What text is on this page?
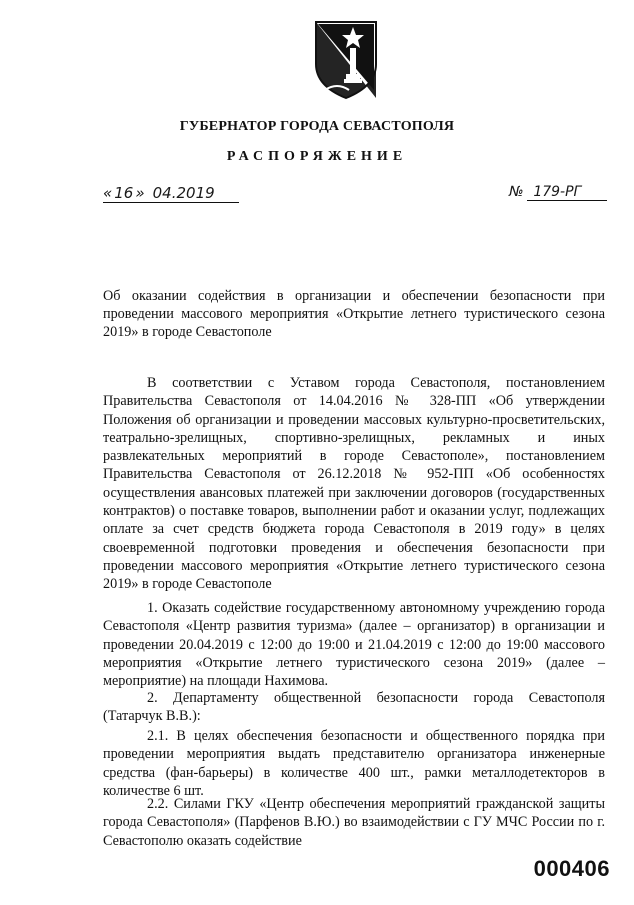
ГУБЕРНАТОР ГОРОДА СЕВАСТОПОЛЯ
РАСПОРЯЖЕНИЕ
« 16 » 04.2019	№ 179-РГ
Об оказании содействия в организации и обеспечении безопасности при проведении массового мероприятия «Открытие летнего туристического сезона 2019» в городе Севастополе

В соответствии с Уставом города Севастополя, постановлением Правительства Севастополя от 14.04.2016 № 328-ПП «Об утверждении Положения об организации и проведении массовых культурно-просветительских, театрально-зрелищных, спортивно-зрелищных, рекламных и иных развлекательных мероприятий в городе Севастополе», постановлением Правительства Севастополя от 26.12.2018 № 952-ПП «Об особенностях осуществления авансовых платежей при заключении договоров (государственных контрактов) о поставке товаров, выполнении работ и оказании услуг, подлежащих оплате за счет средств бюджета города Севастополя в 2019 году» в целях своевременной подготовки проведения и обеспечения безопасности при проведении массового мероприятия «Открытие летнего туристического сезона 2019» в городе Севастополе

1. Оказать содействие государственному автономному учреждению города Севастополя «Центр развития туризма» (далее – организатор) в организации и проведении 20.04.2019 с 12:00 до 19:00 и 21.04.2019 с 12:00 до 19:00 массового мероприятия «Открытие летнего туристического сезона 2019» (далее – мероприятие) на площади Нахимова.

2. Департаменту общественной безопасности города Севастополя (Татарчук В.В.):

2.1. В целях обеспечения безопасности и общественного порядка при проведении мероприятия выдать представителю организатора инженерные средства (фан-барьеры) в количестве 400 шт., рамки металлодетекторов в количестве 6 шт.

2.2. Силами ГКУ «Центр обеспечения мероприятий гражданской защиты города Севастополя» (Парфенов В.Ю.) во взаимодействии с ГУ МЧС России по г. Севастополю оказать содействие

000406
